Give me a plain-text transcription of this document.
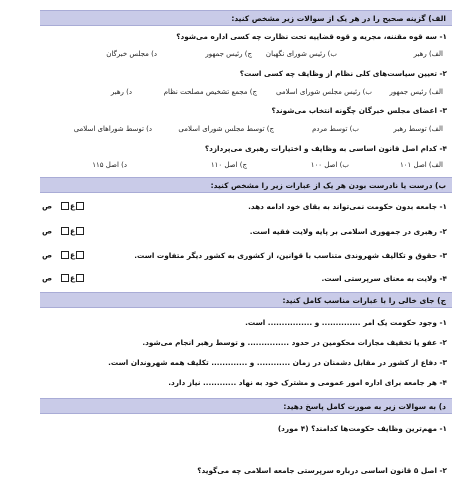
الف) گزینه صحیح را در هر یک از سوالات زیر مشخص کنید:
۱- سه قوه مقننه، مجریه و قوه قضاییه تحت نظارت چه کسی اداره می‌شود؟
الف) رهبر
ب) رئیس شورای نگهبان
ج) رئیس جمهور
د) مجلس خبرگان
۲- تعیین سیاست‌های کلی نظام از وظایف چه کسی است؟
الف) رئیس جمهور
ب) رئیس مجلس شورای اسلامی
ج) مجمع تشخیص مصلحت نظام
د) رهبر
۳- اعضای مجلس خبرگان چگونه انتخاب می‌شوند؟
الف) توسط رهبر
ب) توسط مردم
ج) توسط مجلس شورای اسلامی
د) توسط شوراهای اسلامی
۴- کدام اصل قانون اساسی به وظایف و اختیارات رهبری می‌پردازد؟
الف) اصل ۱۰۱
ب) اصل ۱۰۰
ج) اصل ۱۱۰
د) اصل ۱۱۵
ب) درست یا نادرست بودن هر یک از عبارات زیر را مشخص کنید:
۱- جامعه بدون حکومت نمی‌تواند به بقای خود ادامه دهد.
غ   ص
۲- رهبری در جمهوری اسلامی بر پایه ولایت فقیه است.
غ   ص
۳- حقوق و تکالیف شهروندی متناسب با قوانین، از کشوری به کشور دیگر متفاوت است.
غ   ص
۴- ولایت به معنای سرپرستی است.
غ   ص
ج) جای خالی را با عبارات مناسب کامل کنید:
۱- وجود حکومت یک امر .............. و ................ است.
۲- عفو یا تخفیف مجازات محکومین در حدود ............... و توسط رهبر انجام می‌شود.
۳- دفاع از کشور در مقابل دشمنان در زمان ............ و ............. تکلیف همه شهروندان است.
۴- هر جامعه برای اداره امور عمومی و مشترک خود به نهاد ............ نیاز دارد.
د) به سوالات زیر به صورت کامل پاسخ دهید:
۱- مهم‌ترین وظایف حکومت‌ها کدامند؟ (۴ مورد)
۲- اصل ۵ قانون اساسی درباره سرپرستی جامعه اسلامی چه می‌گوید؟
